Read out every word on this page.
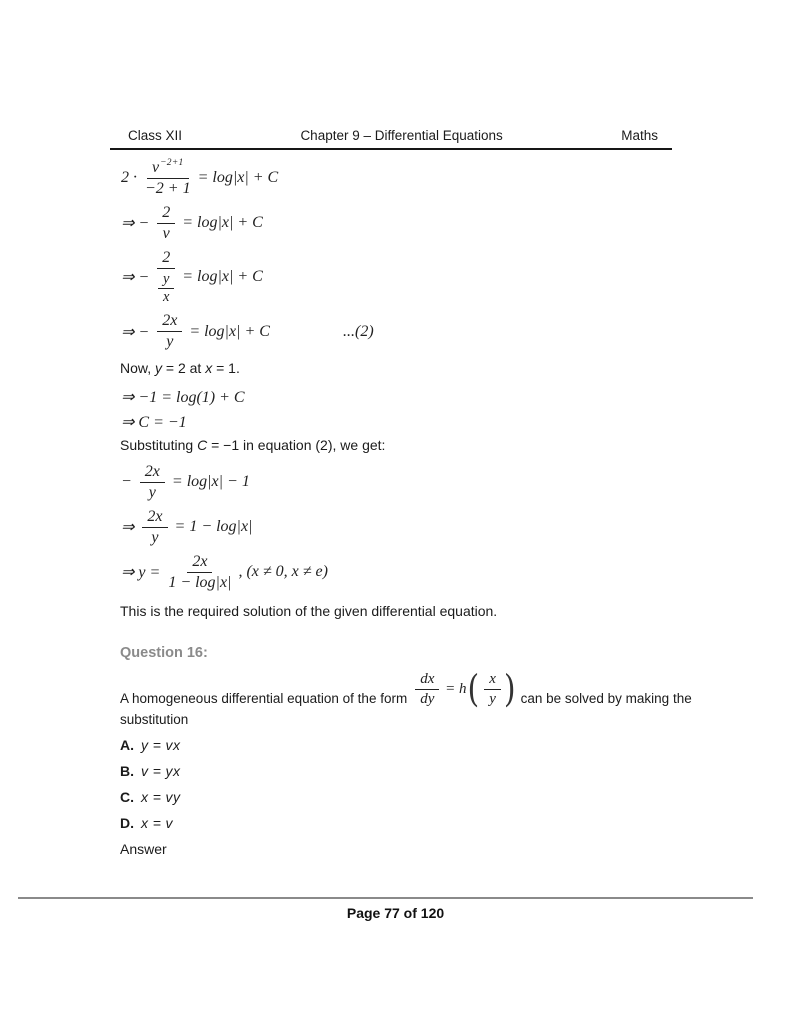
Class XII	Chapter 9 – Differential Equations	Maths
$2 \cdot \frac{v^{-2+1}}{-2 + 1} = \log|x| + C$
⇒ − $\frac{2}{v} = \log|x| + C$
⇒ − $\frac{2}{\frac{y}{x}} = \log|x| + C$
⇒ − $\frac{2x}{y} = \log|x| + C$	...(2)
Now, y = 2 at x = 1.
⇒ −1 = log(1) + C
⇒ C = −1
Substituting C = −1 in equation (2), we get:
− $\frac{2x}{y} = \log|x| - 1$
⇒ $\frac{2x}{y} = 1 - \log|x|$
⇒ $y = \frac{2x}{1 - \log|x|}$ , (x ≠ 0, x ≠ e)
This is the required solution of the given differential equation.
Question 16:
A homogeneous differential equation of the form $\frac{dx}{dy} = h$ ( $\frac{x}{y}$ ) can be solved by making the
substitution
A. y = vx
B. v = yx
C. x = vy
D. x = v
Answer
Page 77 of 120
